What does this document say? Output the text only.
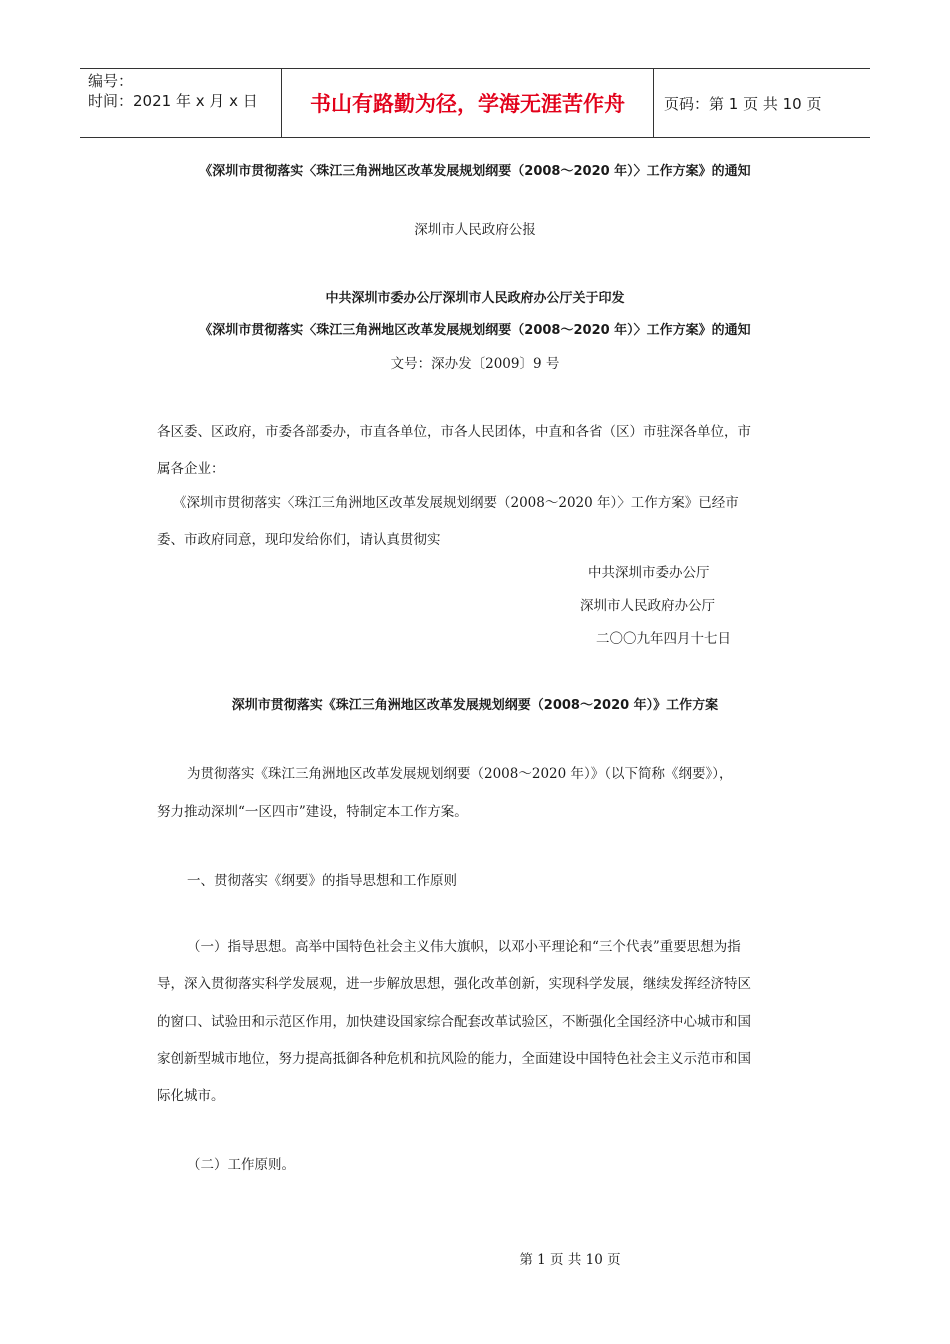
编号：
时间：2021 年 x 月 x 日	书山有路勤为径，学海无涯苦作舟	页码：第 1 页 共 10 页
《深圳市贯彻落实〈珠江三角洲地区改革发展规划纲要（2008～2020 年）〉工作方案》的通知
深圳市人民政府公报
中共深圳市委办公厅深圳市人民政府办公厅关于印发
《深圳市贯彻落实〈珠江三角洲地区改革发展规划纲要（2008～2020 年）〉工作方案》的通知
文号：深办发〔2009〕9 号
各区委、区政府，市委各部委办，市直各单位，市各人民团体，中直和各省（区）市驻深各单位，市
属各企业：
《深圳市贯彻落实〈珠江三角洲地区改革发展规划纲要（2008～2020 年）〉工作方案》已经市
委、市政府同意，现印发给你们，请认真贯彻实
中共深圳市委办公厅
深圳市人民政府办公厅
二〇〇九年四月十七日
深圳市贯彻落实《珠江三角洲地区改革发展规划纲要（2008～2020 年）》工作方案
为贯彻落实《珠江三角洲地区改革发展规划纲要（2008～2020 年）》（以下简称《纲要》），
努力推动深圳“一区四市”建设，特制定本工作方案。
一、贯彻落实《纲要》的指导思想和工作原则
（一）指导思想。高举中国特色社会主义伟大旗帜，以邓小平理论和“三个代表”重要思想为指
导，深入贯彻落实科学发展观，进一步解放思想，强化改革创新，实现科学发展，继续发挥经济特区
的窗口、试验田和示范区作用，加快建设国家综合配套改革试验区，不断强化全国经济中心城市和国
家创新型城市地位，努力提高抵御各种危机和抗风险的能力，全面建设中国特色社会主义示范市和国
际化城市。
（二）工作原则。
第 1 页 共 10 页
